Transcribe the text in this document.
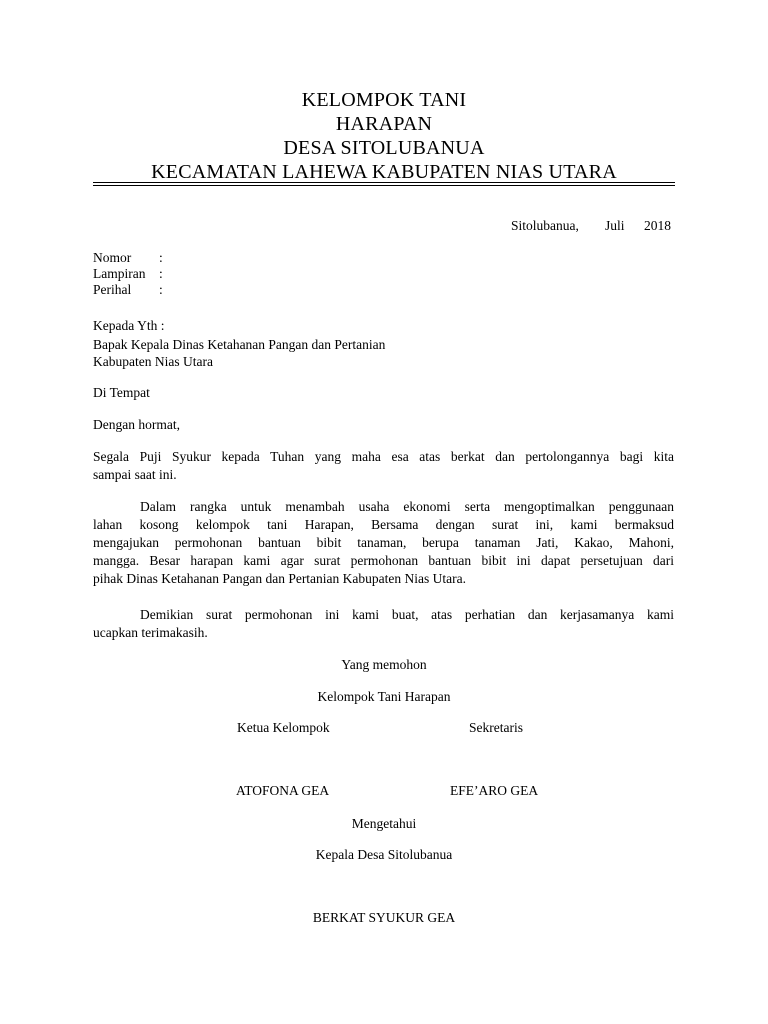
KELOMPOK TANI
HARAPAN
DESA SITOLUBANUA
KECAMATAN LAHEWA KABUPATEN NIAS UTARA
Sitolubanua, Juli 2018
Nomor :
Lampiran :
Perihal :
Kepada Yth :
Bapak Kepala Dinas Ketahanan Pangan dan Pertanian
Kabupaten Nias Utara
Di Tempat
Dengan hormat,
Segala Puji Syukur kepada Tuhan yang maha esa atas berkat dan pertolongannya bagi kita
sampai saat ini.
Dalam rangka untuk menambah usaha ekonomi serta mengoptimalkan penggunaan
lahan kosong kelompok tani Harapan, Bersama dengan surat ini, kami bermaksud
mengajukan permohonan bantuan bibit tanaman, berupa tanaman Jati, Kakao, Mahoni,
mangga. Besar harapan kami agar surat permohonan bantuan bibit ini dapat persetujuan dari
pihak Dinas Ketahanan Pangan dan Pertanian Kabupaten Nias Utara.
Demikian surat permohonan ini kami buat, atas perhatian dan kerjasamanya kami
ucapkan terimakasih.
Yang memohon
Kelompok Tani Harapan
Ketua Kelompok	Sekretaris
ATOFONA GEA	EFE’ARO GEA
Mengetahui
Kepala Desa Sitolubanua
BERKAT SYUKUR GEA
